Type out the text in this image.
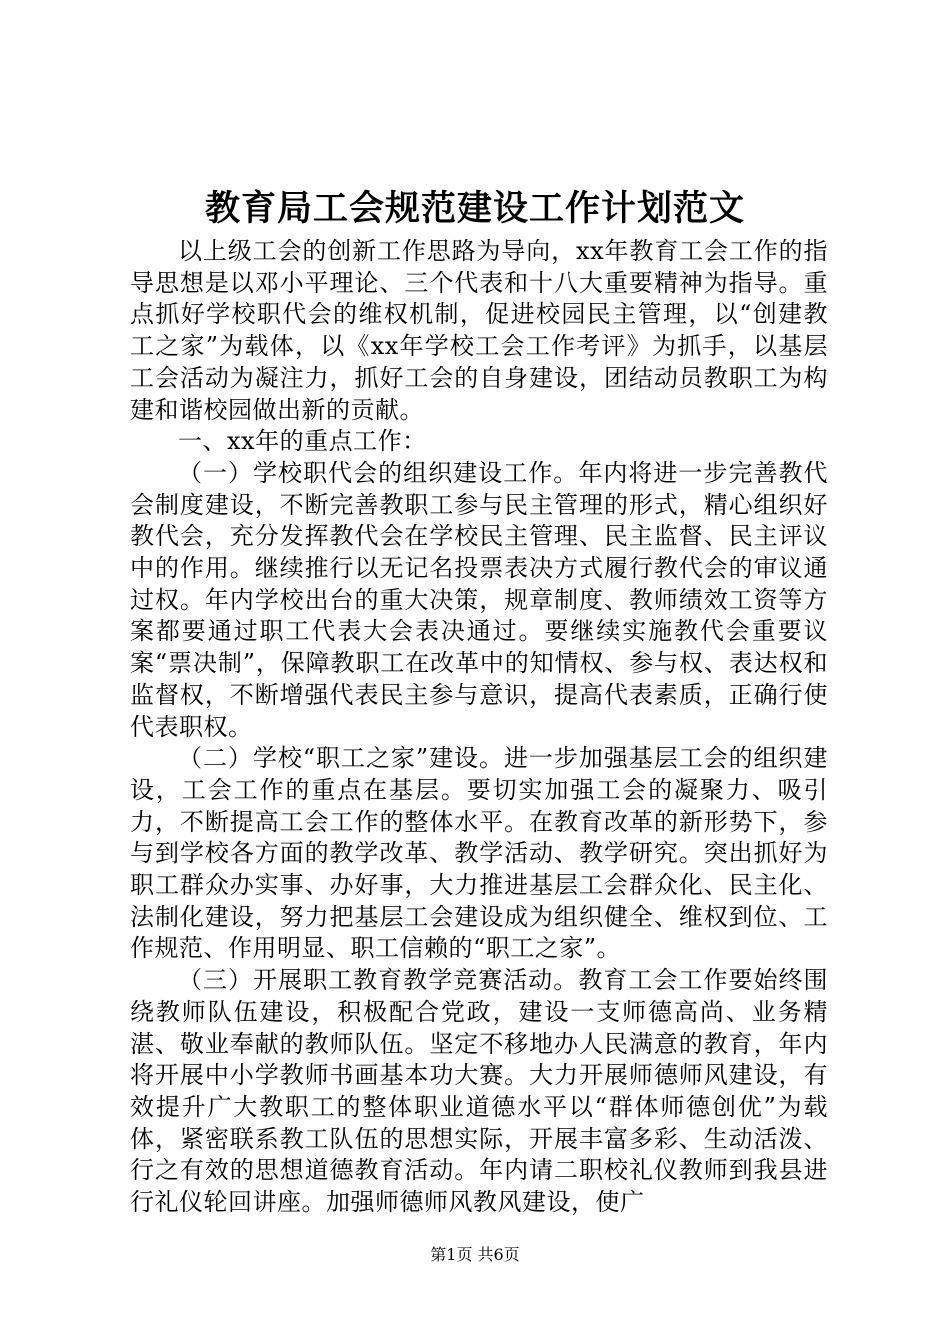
教育局工会规范建设工作计划范文

以上级工会的创新工作思路为导向，xx年教育工会工作的指导思想是以邓小平理论、三个代表和十八大重要精神为指导。重点抓好学校职代会的维权机制，促进校园民主管理，以“创建教工之家”为载体，以《xx年学校工会工作考评》为抓手，以基层工会活动为凝注力，抓好工会的自身建设，团结动员教职工为构建和谐校园做出新的贡献。

一、xx年的重点工作：

（一）学校职代会的组织建设工作。年内将进一步完善教代会制度建设，不断完善教职工参与民主管理的形式，精心组织好教代会，充分发挥教代会在学校民主管理、民主监督、民主评议中的作用。继续推行以无记名投票表决方式履行教代会的审议通过权。年内学校出台的重大决策，规章制度、教师绩效工资等方案都要通过职工代表大会表决通过。要继续实施教代会重要议案“票决制”，保障教职工在改革中的知情权、参与权、表达权和监督权，不断增强代表民主参与意识，提高代表素质，正确行使代表职权。

（二）学校“职工之家”建设。进一步加强基层工会的组织建设，工会工作的重点在基层。要切实加强工会的凝聚力、吸引力，不断提高工会工作的整体水平。在教育改革的新形势下，参与到学校各方面的教学改革、教学活动、教学研究。突出抓好为职工群众办实事、办好事，大力推进基层工会群众化、民主化、法制化建设，努力把基层工会建设成为组织健全、维权到位、工作规范、作用明显、职工信赖的“职工之家”。

（三）开展职工教育教学竞赛活动。教育工会工作要始终围绕教师队伍建设，积极配合党政，建设一支师德高尚、业务精湛、敬业奉献的教师队伍。坚定不移地办人民满意的教育，年内将开展中小学教师书画基本功大赛。大力开展师德师风建设，有效提升广大教职工的整体职业道德水平以“群体师德创优”为载体，紧密联系教工队伍的思想实际，开展丰富多彩、生动活泼、行之有效的思想道德教育活动。年内请二职校礼仪教师到我县进行礼仪轮回讲座。加强师德师风教风建设，使广

第1页 共6页
